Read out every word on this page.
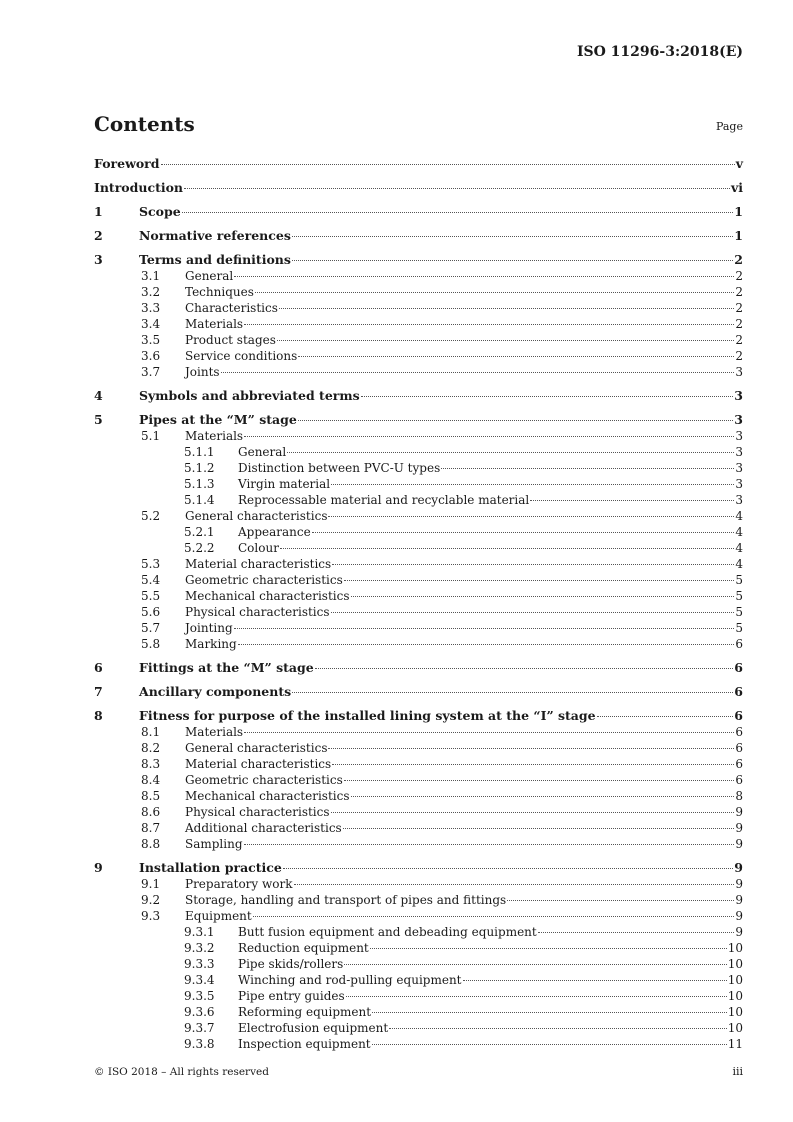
ISO 11296-3:2018(E)
Contents	Page
Foreword	v
Introduction	vi
1	Scope	1
2	Normative references	1
3	Terms and definitions	2
3.1	General	2
3.2	Techniques	2
3.3	Characteristics	2
3.4	Materials	2
3.5	Product stages	2
3.6	Service conditions	2
3.7	Joints	3
4	Symbols and abbreviated terms	3
5	Pipes at the “M” stage	3
5.1	Materials	3
5.1.1	General	3
5.1.2	Distinction between PVC-U types	3
5.1.3	Virgin material	3
5.1.4	Reprocessable material and recyclable material	3
5.2	General characteristics	4
5.2.1	Appearance	4
5.2.2	Colour	4
5.3	Material characteristics	4
5.4	Geometric characteristics	5
5.5	Mechanical characteristics	5
5.6	Physical characteristics	5
5.7	Jointing	5
5.8	Marking	6
6	Fittings at the “M” stage	6
7	Ancillary components	6
8	Fitness for purpose of the installed lining system at the “I” stage	6
8.1	Materials	6
8.2	General characteristics	6
8.3	Material characteristics	6
8.4	Geometric characteristics	6
8.5	Mechanical characteristics	8
8.6	Physical characteristics	9
8.7	Additional characteristics	9
8.8	Sampling	9
9	Installation practice	9
9.1	Preparatory work	9
9.2	Storage, handling and transport of pipes and fittings	9
9.3	Equipment	9
9.3.1	Butt fusion equipment and debeading equipment	9
9.3.2	Reduction equipment	10
9.3.3	Pipe skids/rollers	10
9.3.4	Winching and rod-pulling equipment	10
9.3.5	Pipe entry guides	10
9.3.6	Reforming equipment	10
9.3.7	Electrofusion equipment	10
9.3.8	Inspection equipment	11
© ISO 2018 – All rights reserved	iii
